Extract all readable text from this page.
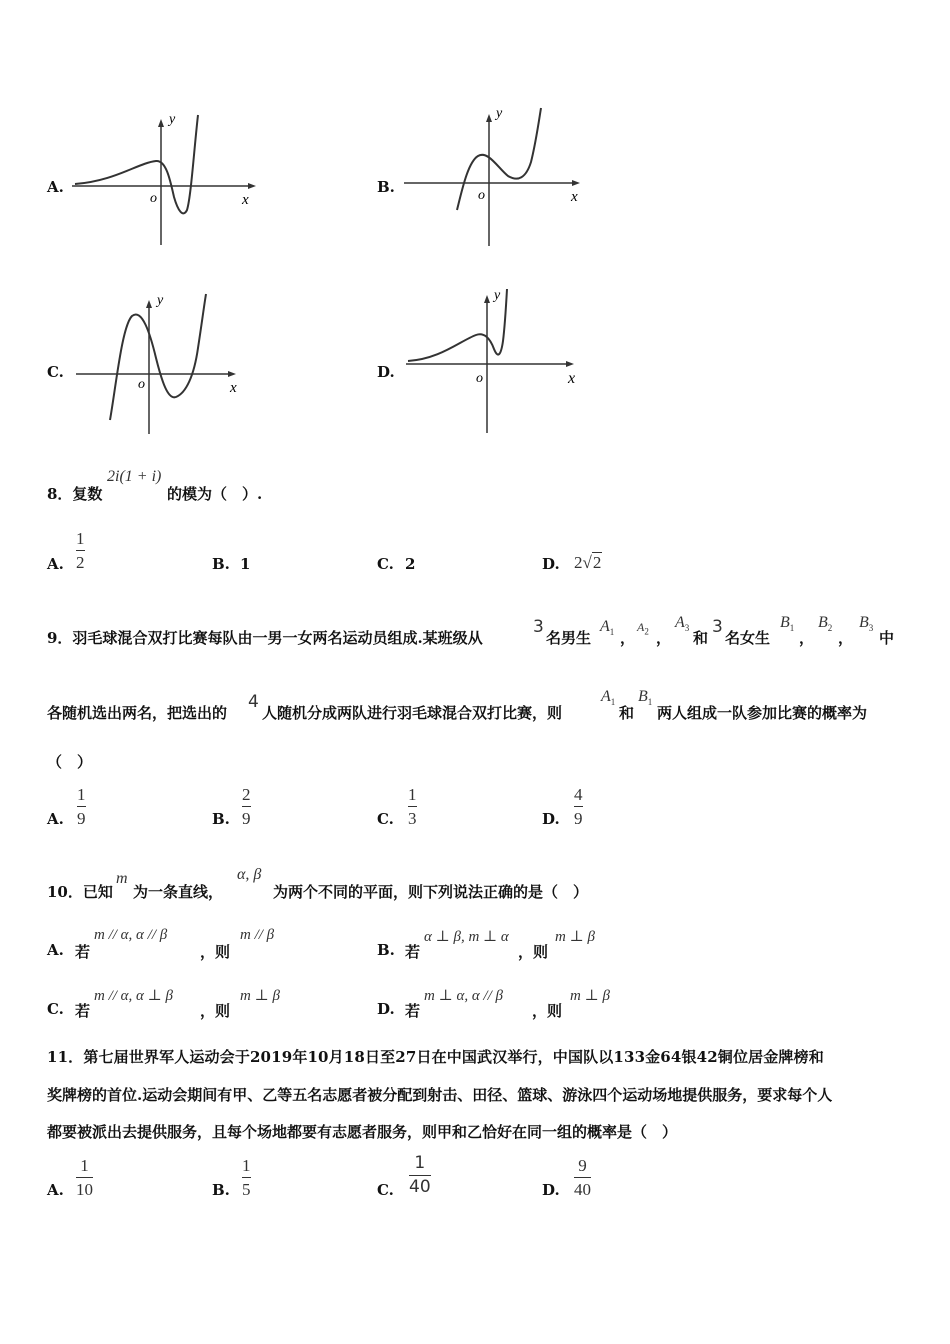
A.
y
o	x
B.
y
o	x
C.
y
o	x
D.
y
o	x
8．复数
2i(1 + i)
的模为（　）.
A.
1
2	B. 1	C. 2	D. 2√2
9．羽毛球混合双打比赛每队由一男一女两名运动员组成.某班级从
3
名男生
$A_1$ ，
$A_2$ ，
$A_3$
和
3
名女生
$B_1$
，
$B_2$
，
$B_3$
中
各随机选出两名，把选出的
4
人随机分成两队进行羽毛球混合双打比赛，则
$A_1$
和
$B_1$
两人组成一队参加比赛的概率为
（　）
A.
1
9	B.
2
9	C.
1
3	D.
4
9
10．已知
m
为一条直线，
α, β
为两个不同的平面，则下列说法正确的是（　）
A. 若
m // α, α // β
，则
m // β
B. 若
α ⊥ β, m ⊥ α
，则
m ⊥ β
C. 若
m // α, α ⊥ β
，则
m ⊥ β
D. 若
m ⊥ α, α // β
，则
m ⊥ β
11．第七届世界军人运动会于2019年10月18日至27日在中国武汉举行，中国队以133金64银42铜位居金牌榜和
奖牌榜的首位.运动会期间有甲、乙等五名志愿者被分配到射击、田径、篮球、游泳四个运动场地提供服务，要求每个人
都要被派出去提供服务，且每个场地都要有志愿者服务，则甲和乙恰好在同一组的概率是（　）
A.
1
10	B.
1
5	C.
1
40	D.
9
40
